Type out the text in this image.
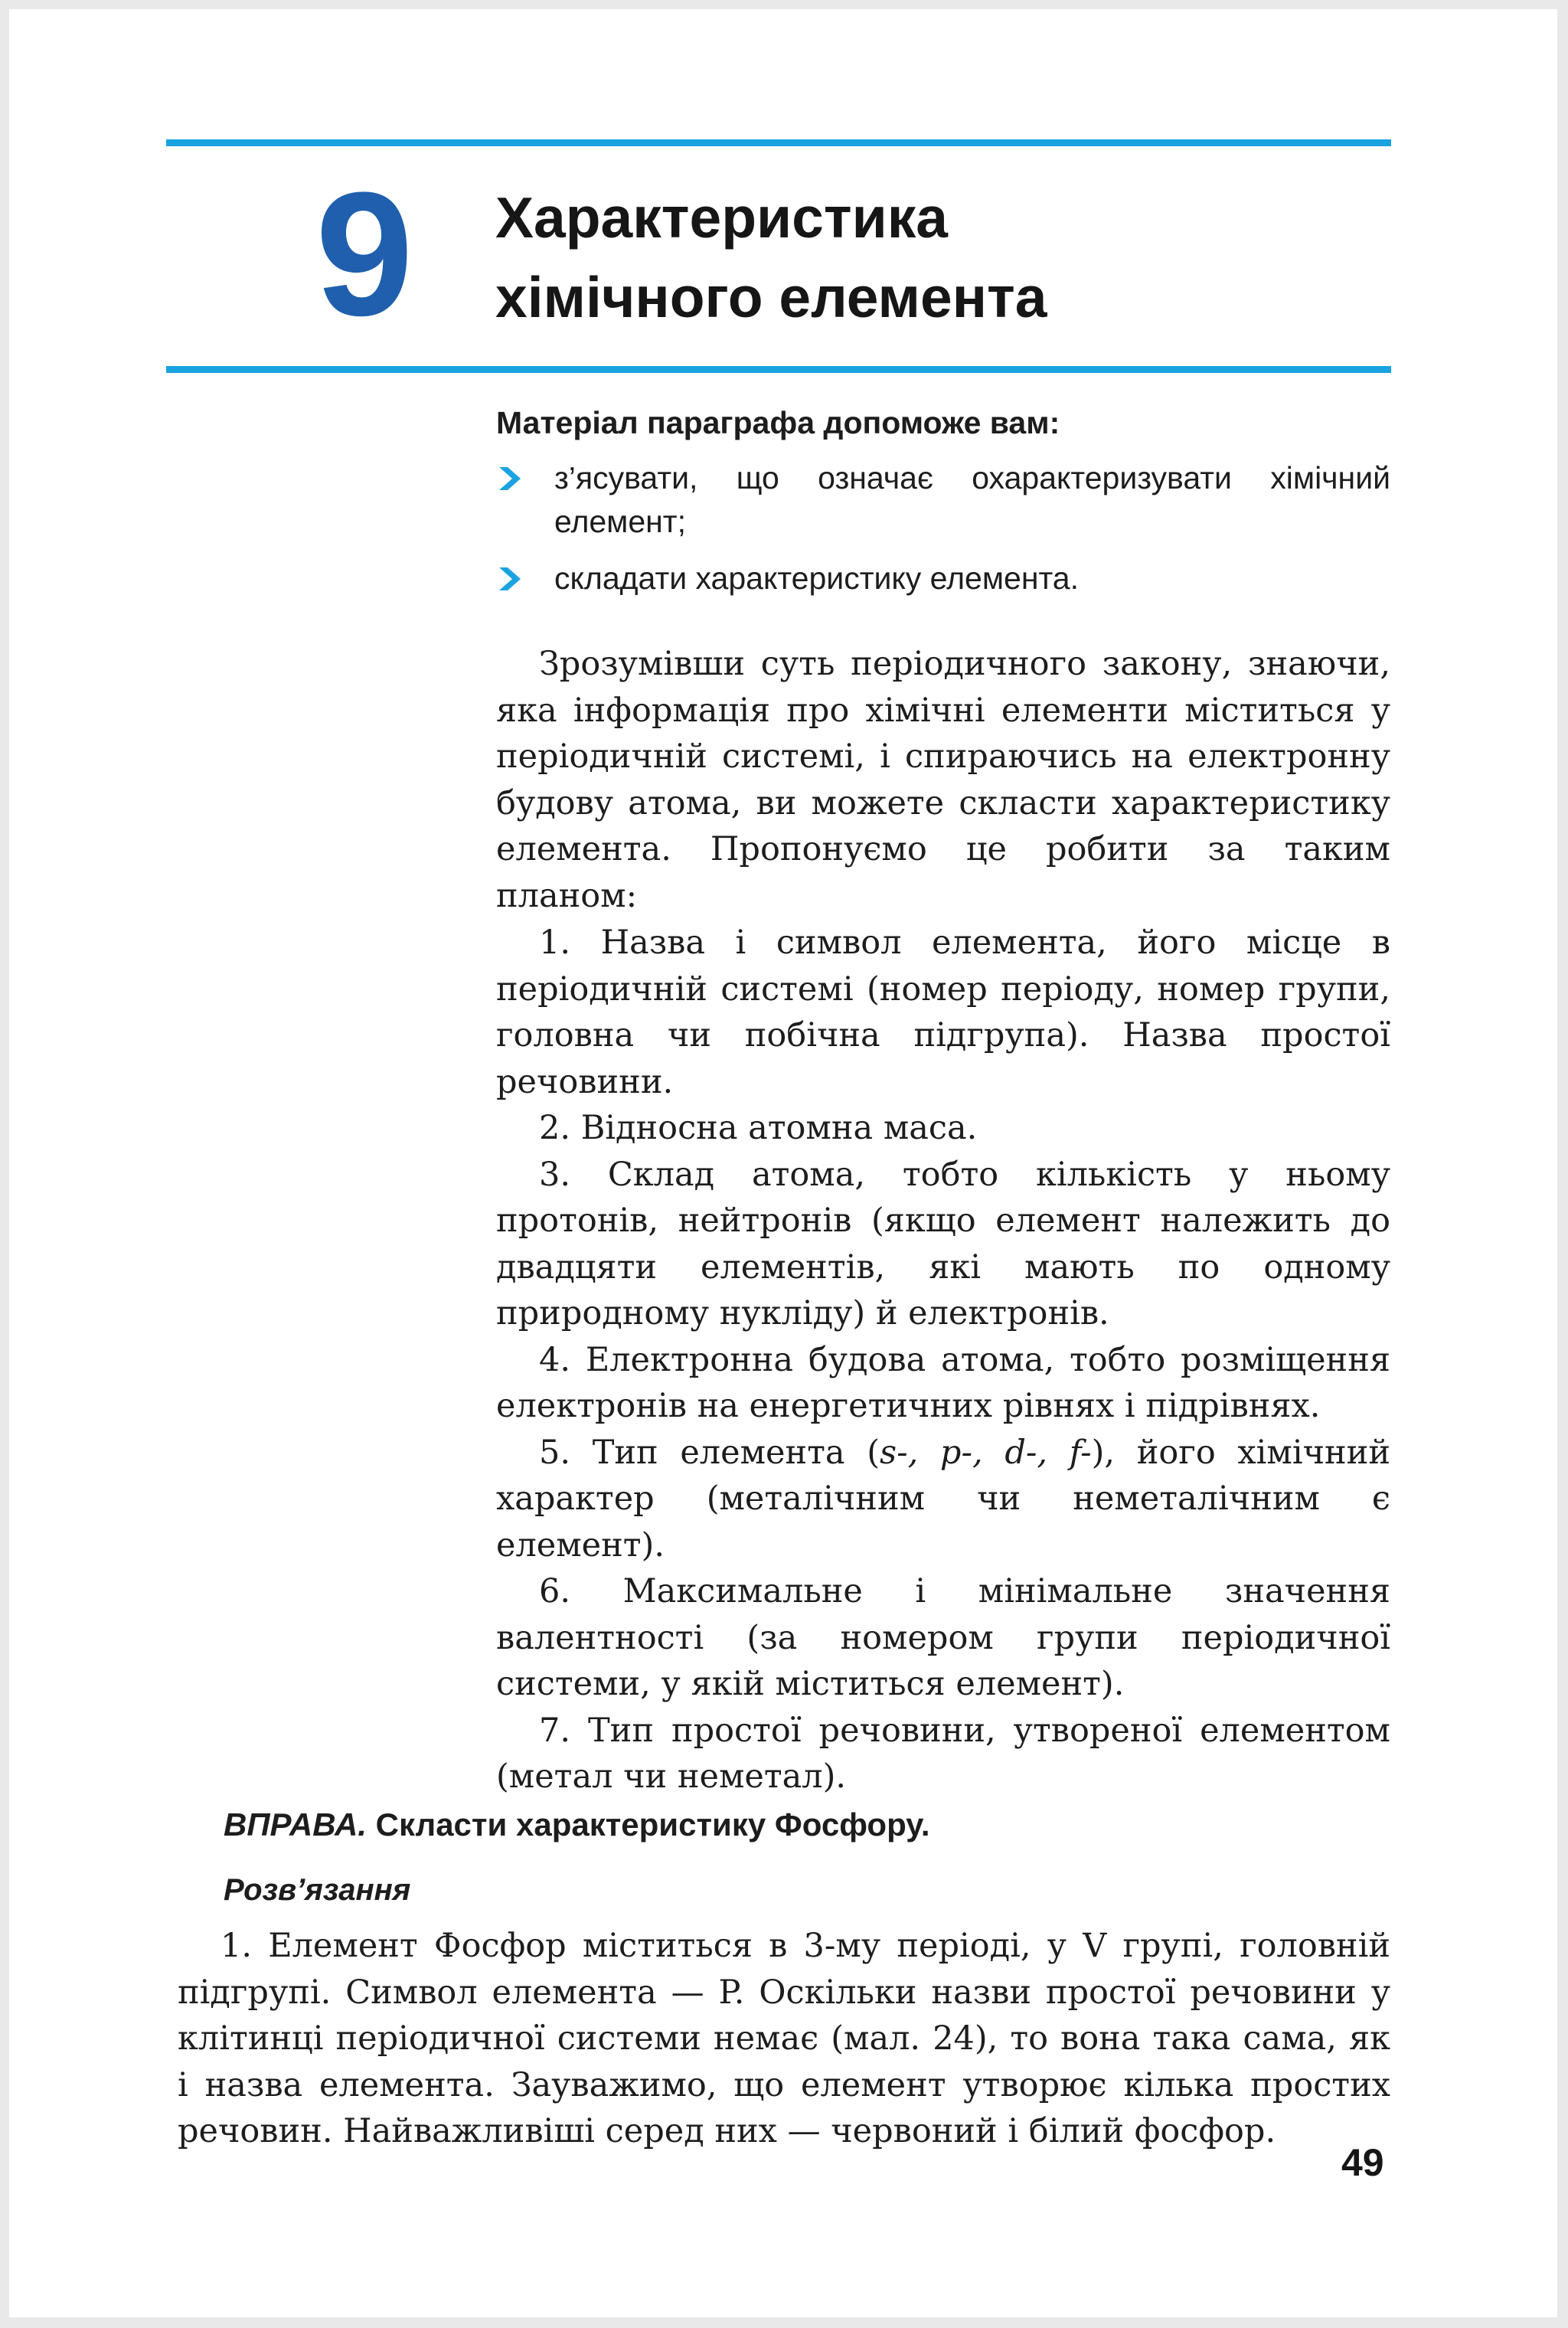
9 Характеристика
хімічного елемента
Матеріал параграфа допоможе вам:
з’ясувати, що означає охарактеризувати хімічний елемент;
складати характеристику елемента.

Зрозумівши суть періодичного закону, знаючи, яка інформація про хімічні елементи міститься у періодичній системі, і спираючись на електронну будову атома, ви можете скласти характеристику елемента. Пропонуємо це робити за таким планом:

1. Назва і символ елемента, його місце в періодичній системі (номер періоду, номер групи, головна чи побічна підгрупа). Назва простої речовини.

2. Відносна атомна маса.

3. Склад атома, тобто кількість у ньому протонів, нейтронів (якщо елемент належить до двадцяти елементів, які мають по одному природному нукліду) й електронів.

4. Електронна будова атома, тобто розміщення електронів на енергетичних рівнях і підрівнях.

5. Тип елемента (s-, p-, d-, f-), його хімічний характер (металічним чи неметалічним є елемент).

6. Максимальне і мінімальне значення валентності (за номером групи періодичної системи, у якій міститься елемент).

7. Тип простої речовини, утвореної елементом (метал чи неметал).

ВПРАВА. Скласти характеристику Фосфору.
Розв’язання

1. Елемент Фосфор міститься в 3-му періоді, у V групі, головній підгрупі. Символ елемента — P. Оскільки назви простої речовини у клітинці періодичної системи немає (мал. 24), то вона така сама, як і назва елемента. Зауважимо, що елемент утворює кілька простих речовин. Найважливіші серед них — червоний і білий фосфор.

49
